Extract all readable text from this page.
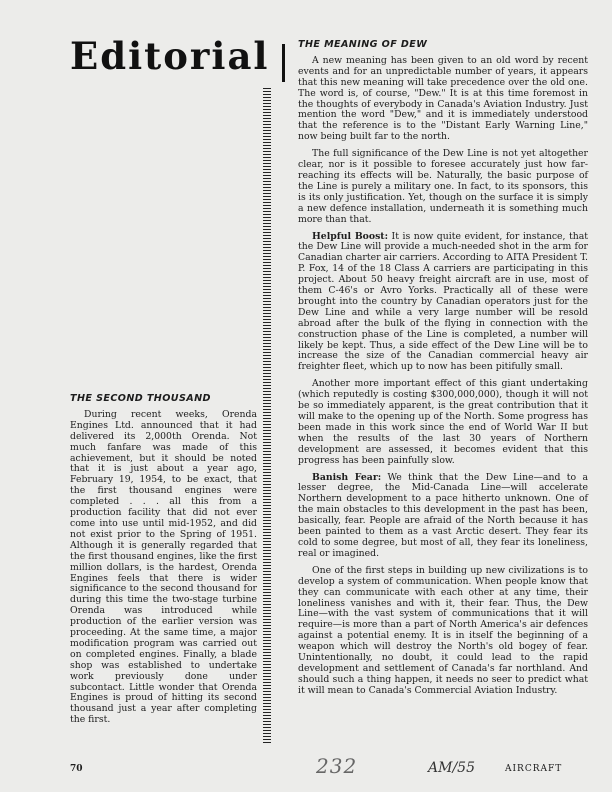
Editorial	THE MEANING OF DEW

A new meaning has been given to an old word by recent events and for an unpredictable number of years, it appears that this new meaning will take precedence over the old one. The word is, of course, "Dew." It is at this time foremost in the thoughts of everybody in Canada's Aviation Industry. Just mention the word "Dew," and it is immediately understood that the reference is to the "Distant Early Warning Line," now being built far to the north.

The full significance of the Dew Line is not yet altogether clear, nor is it possible to foresee accurately just how far-reaching its effects will be. Naturally, the basic purpose of the Line is purely a military one. In fact, to its sponsors, this is its only justification. Yet, though on the surface it is simply a new defence installation, underneath it is something much more than that.

Helpful Boost: It is now quite evident, for instance, that the Dew Line will provide a much-needed shot in the arm for Canadian charter air carriers. According to AITA President T. P. Fox, 14 of the 18 Class A carriers are participating in this project. About 50 heavy freight aircraft are in use, most of them C-46's or Avro Yorks. Practically all of these were brought into the country by Canadian operators just for the Dew Line and while a very large number will be resold abroad after the bulk of the flying in connection with the construction phase of the Line is completed, a number will likely be kept. Thus, a side effect of the Dew Line will be to increase the size of the Canadian commercial heavy air freighter fleet, which up to now has been pitifully small.

Another more important effect of this giant undertaking (which reputedly is costing $300,000,000), though it will not be so immediately apparent, is the great contribution that it will make to the opening up of the North. Some progress has been made in this work since the end of World War II but when the results of the last 30 years of Northern development are assessed, it becomes evident that this progress has been painfully slow.

Banish Fear: We think that the Dew Line—and to a lesser degree, the Mid-Canada Line—will accelerate Northern development to a pace hitherto unknown. One of the main obstacles to this development in the past has been, basically, fear. People are afraid of the North because it has been painted to them as a vast Arctic desert. They fear its cold to some degree, but most of all, they fear its loneliness, real or imagined.

One of the first steps in building up new civilizations is to develop a system of communication. When people know that they can communicate with each other at any time, their loneliness vanishes and with it, their fear. Thus, the Dew Line—with the vast system of communications that it will require—is more than a part of North America's air defences against a potential enemy. It is in itself the beginning of a weapon which will destroy the North's old bogey of fear. Unintentionally, no doubt, it could lead to the rapid development and settlement of Canada's far northland. And should such a thing happen, it needs no seer to predict what it will mean to Canada's Commercial Aviation Industry.

THE SECOND THOUSAND

During recent weeks, Orenda Engines Ltd. announced that it had delivered its 2,000th Orenda. Not much fanfare was made of this achievement, but it should be noted that it is just about a year ago, February 19, 1954, to be exact, that the first thousand engines were completed . . . all this from a production facility that did not ever come into use until mid-1952, and did not exist prior to the Spring of 1951. Although it is generally regarded that the first thousand engines, like the first million dollars, is the hardest, Orenda Engines feels that there is wider significance to the second thousand for during this time the two-stage turbine Orenda was introduced while production of the earlier version was proceeding. At the same time, a major modification program was carried out on completed engines. Finally, a blade shop was established to undertake work previously done under subcontact. Little wonder that Orenda Engines is proud of hitting its second thousand just a year after completing the first.

70	232	AM/55	AIRCRAFT
